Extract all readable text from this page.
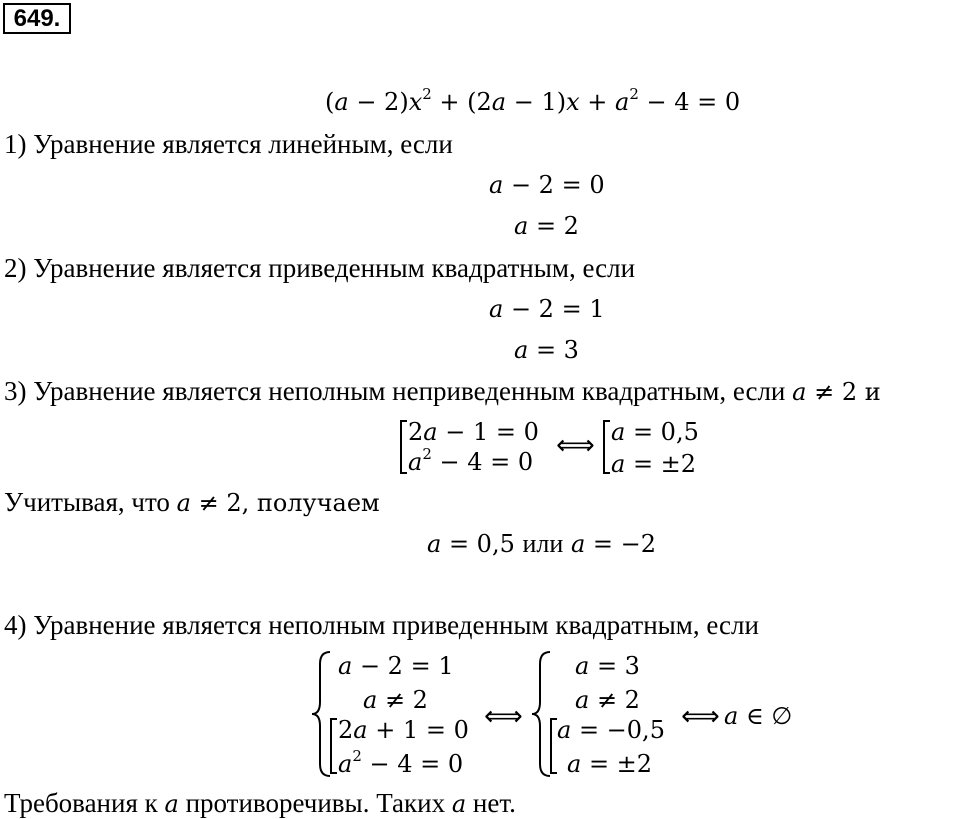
649.
$(a - 2)x^2 + (2a - 1)x + a^2 - 4 = 0$
1) Уравнение является линейным, если
a − 2 = 0
a = 2
2) Уравнение является приведенным квадратным, если
a − 2 = 1
a = 3
3) Уравнение является неполным неприведенным квадратным, если a ≠ 2 и
2a − 1 = 0
$a^2 - 4 = 0$
⟺ a = 0,5
a = ±2
Учитывая, что a ≠ 2, получаем
a = 0,5 или a = −2
4) Уравнение является неполным приведенным квадратным, если
a − 2 = 1
a ≠ 2
2a + 1 = 0
$a^2 - 4 = 0$
⟺
a = 3
a ≠ 2
a = −0,5
a = ±2
⟺ a ∈ ∅
Требования к a противоречивы. Таких a нет.
